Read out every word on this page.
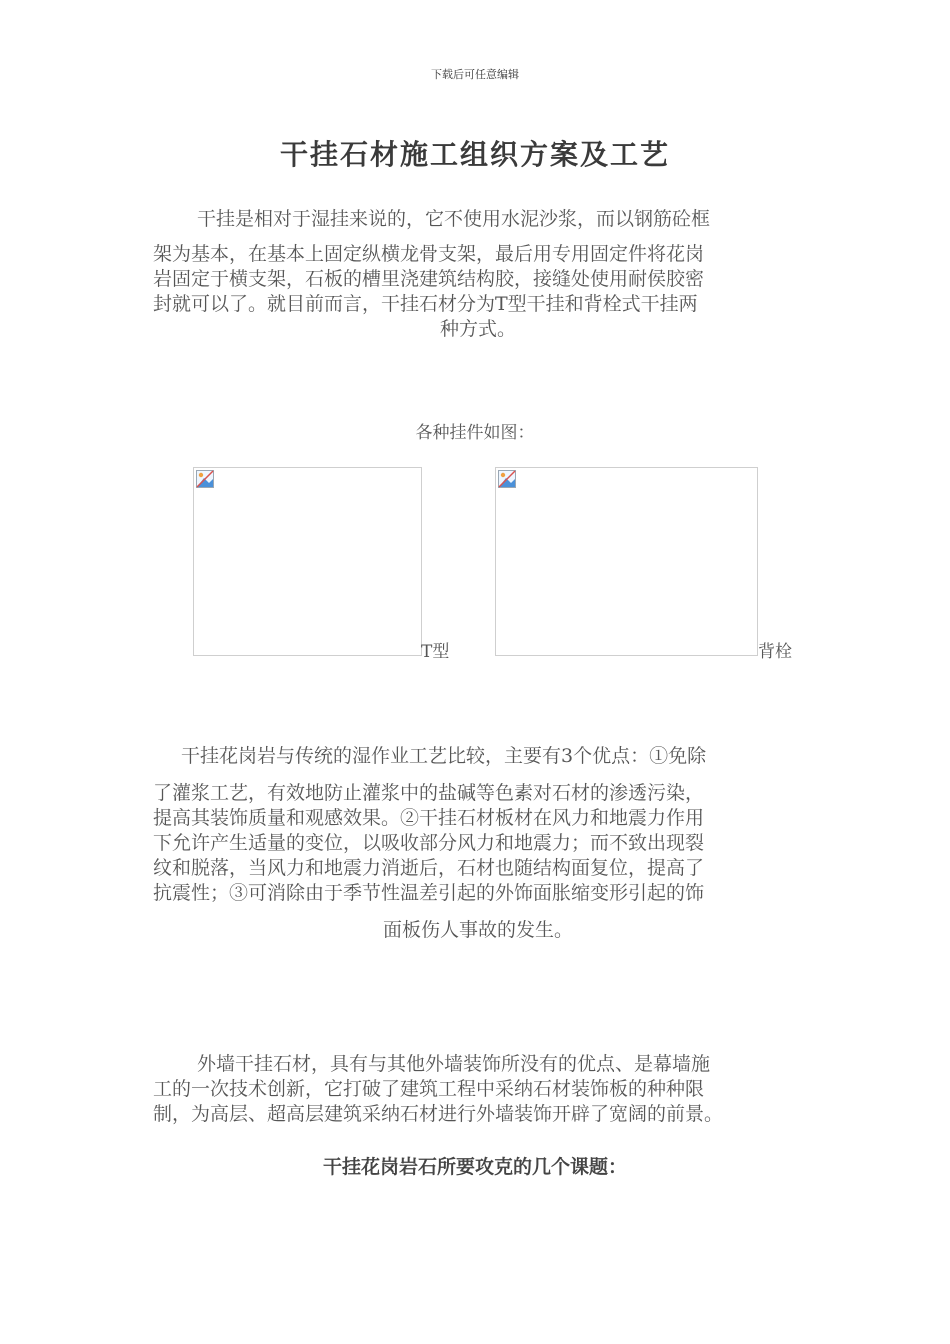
下载后可任意编辑
干挂石材施工组织方案及工艺
干挂是相对于湿挂来说的，它不使用水泥沙浆，而以钢筋砼框
架为基本，在基本上固定纵横龙骨支架，最后用专用固定件将花岗
岩固定于横支架，石板的槽里浇建筑结构胶，接缝处使用耐侯胶密
封就可以了。就目前而言，干挂石材分为T型干挂和背栓式干挂两
种方式。
各种挂件如图：
T型	背栓
干挂花岗岩与传统的湿作业工艺比较，主要有3个优点：①免除
了灌浆工艺，有效地防止灌浆中的盐碱等色素对石材的渗透污染，
提高其装饰质量和观感效果。②干挂石材板材在风力和地震力作用
下允许产生适量的变位，以吸收部分风力和地震力；而不致出现裂
纹和脱落，当风力和地震力消逝后，石材也随结构面复位，提高了
抗震性；③可消除由于季节性温差引起的外饰面胀缩变形引起的饰
面板伤人事故的发生。
外墙干挂石材，具有与其他外墙装饰所没有的优点、是幕墙施
工的一次技术创新，它打破了建筑工程中采纳石材装饰板的种种限
制，为高层、超高层建筑采纳石材进行外墙装饰开辟了宽阔的前景。
干挂花岗岩石所要攻克的几个课题：
